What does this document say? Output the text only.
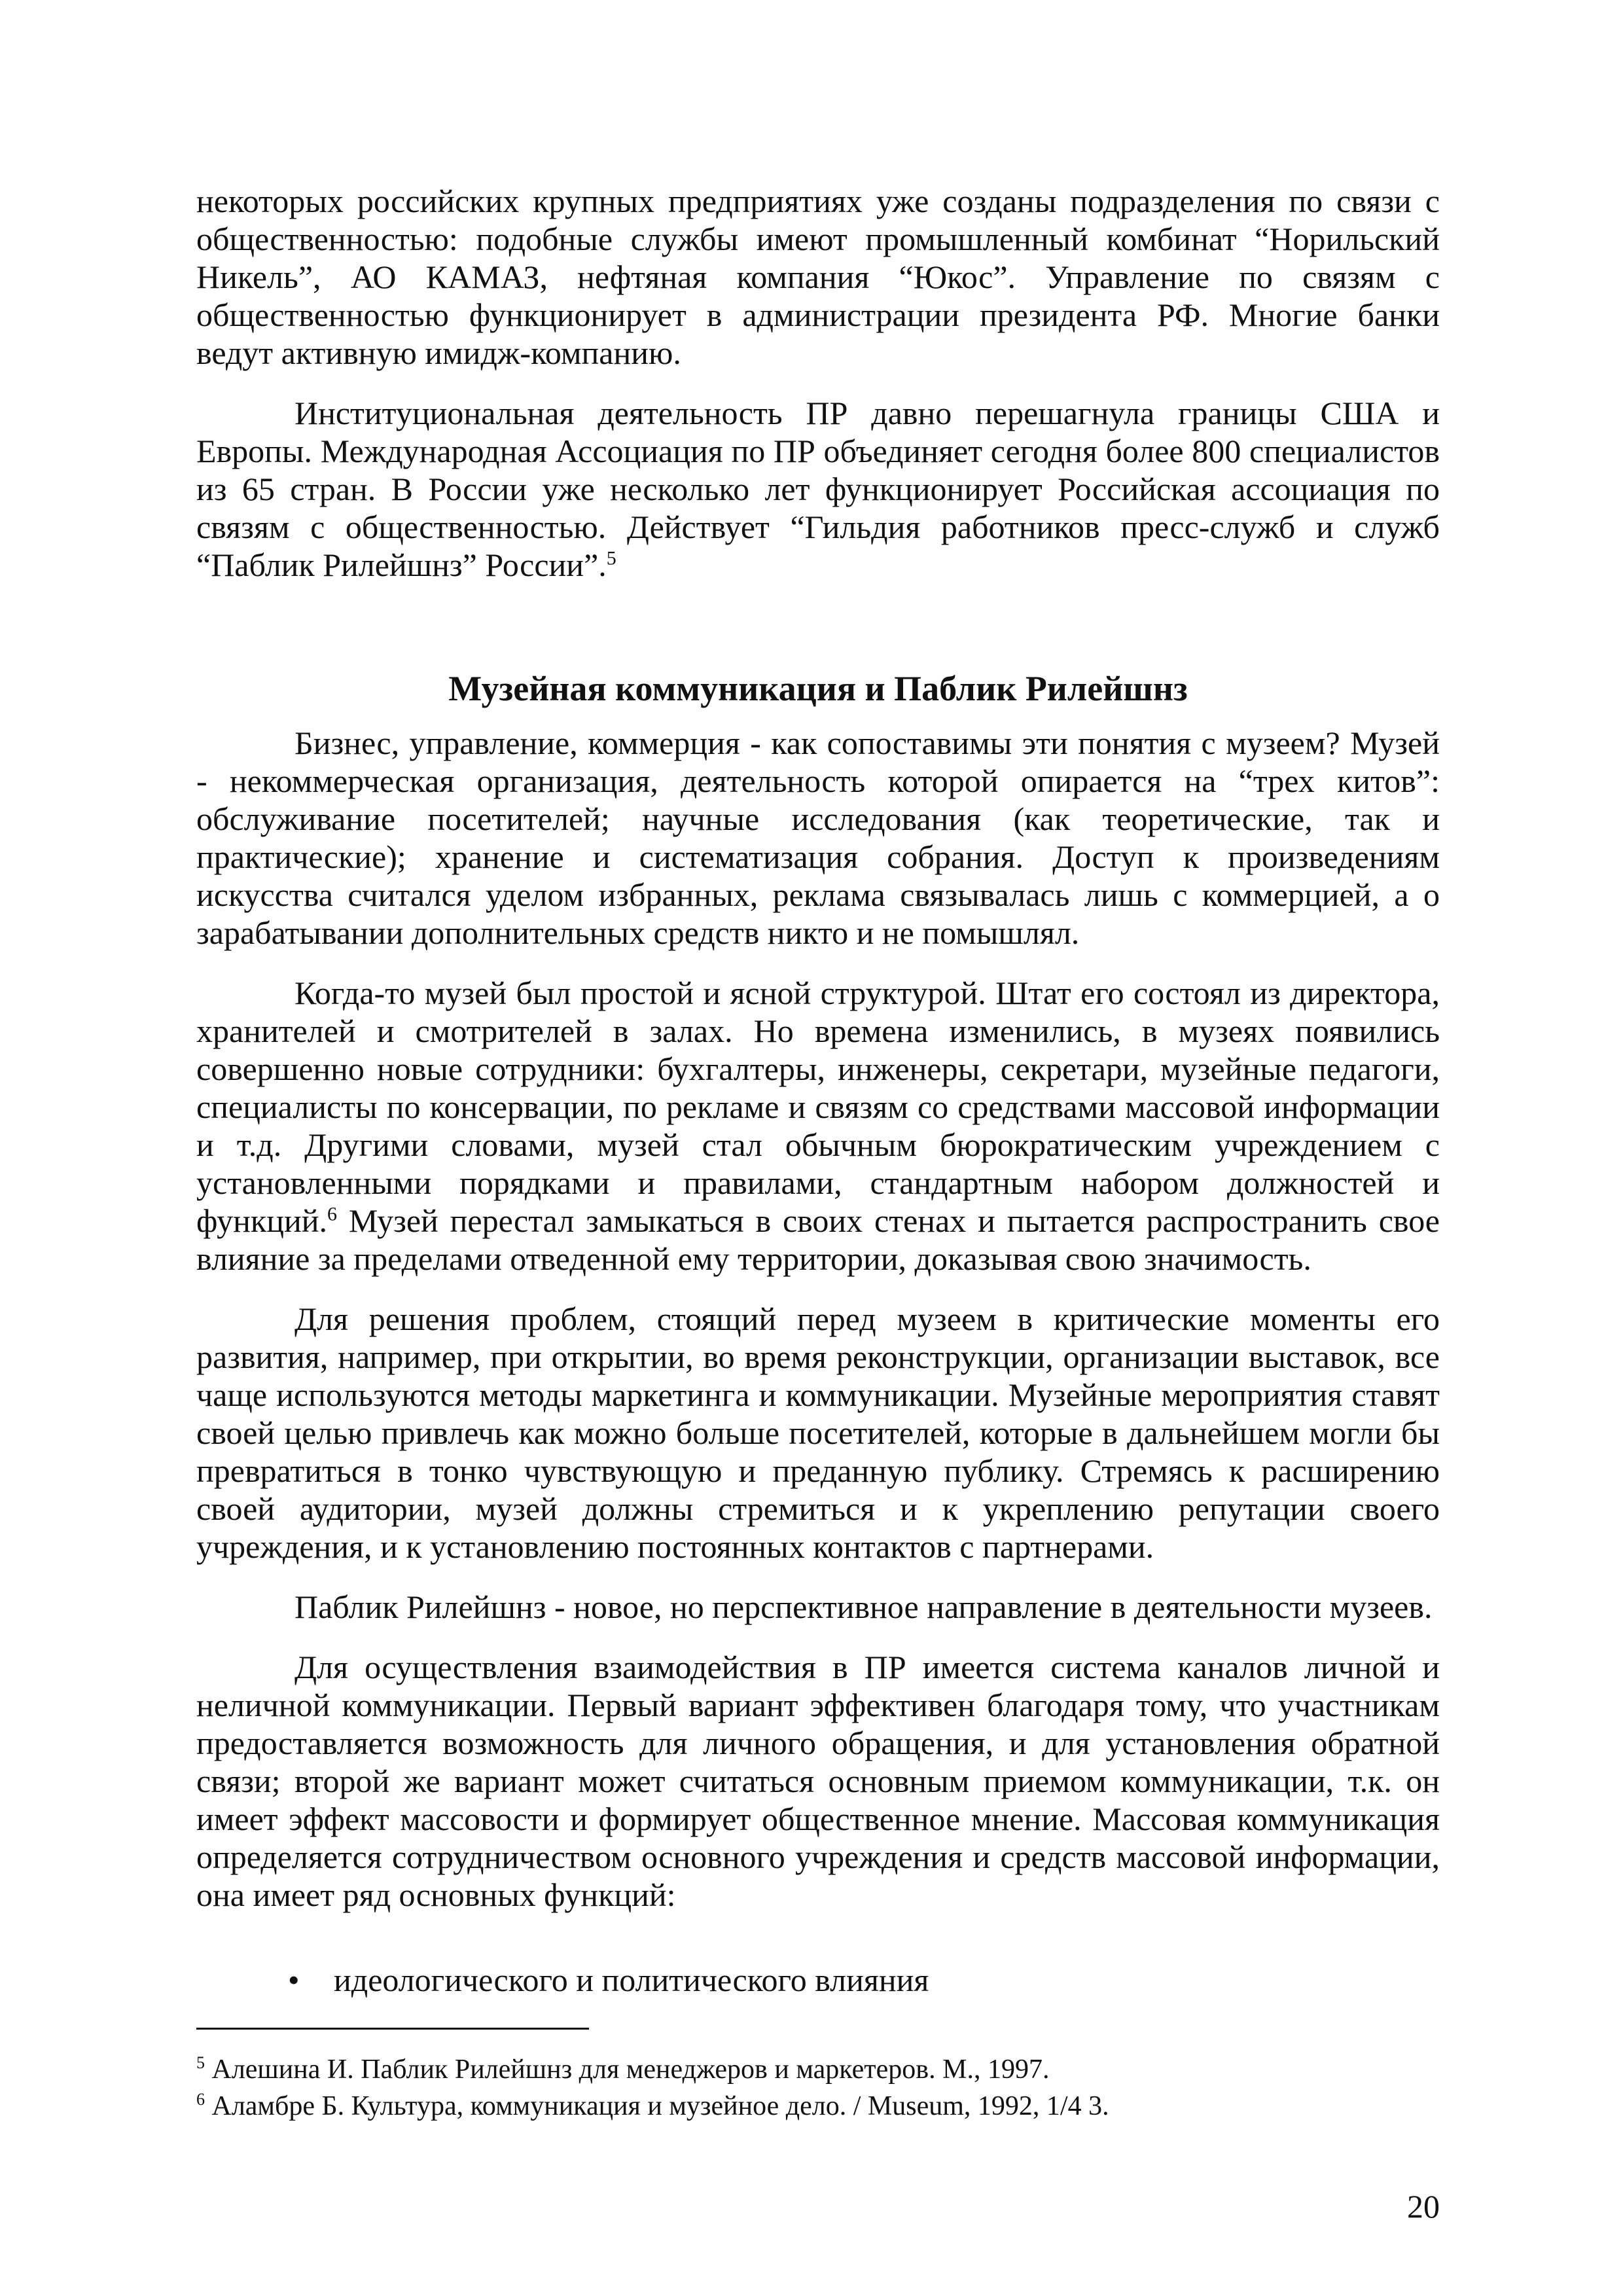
некоторых российских крупных предприятиях уже созданы подразделения по связи с общественностью: подобные службы имеют промышленный комбинат “Норильский Никель”, АО КАМАЗ, нефтяная компания “Юкос”. Управление по связям с общественностью функционирует в администрации президента РФ. Многие банки ведут активную имидж-компанию.

Институциональная деятельность ПР давно перешагнула границы США и Европы. Международная Ассоциация по ПР объединяет сегодня более 800 специалистов из 65 стран. В России уже несколько лет функционирует Российская ассоциация по связям с общественностью. Действует “Гильдия работников пресс-служб и служб “Паблик Рилейшнз” России”.$^5$

Музейная коммуникация и Паблик Рилейшнз

Бизнес, управление, коммерция - как сопоставимы эти понятия с музеем? Музей - некоммерческая организация, деятельность которой опирается на “трех китов”: обслуживание посетителей; научные исследования (как теоретические, так и практические); хранение и систематизация собрания. Доступ к произведениям искусства считался уделом избранных, реклама связывалась лишь с коммерцией, а о зарабатывании дополнительных средств никто и не помышлял.

Когда-то музей был простой и ясной структурой. Штат его состоял из директора, хранителей и смотрителей в залах. Но времена изменились, в музеях появились совершенно новые сотрудники: бухгалтеры, инженеры, секретари, музейные педагоги, специалисты по консервации, по рекламе и связям со средствами массовой информации и т.д. Другими словами, музей стал обычным бюрократическим учреждением с установленными порядками и правилами, стандартным набором должностей и функций.$^6$ Музей перестал замыкаться в своих стенах и пытается распространить свое влияние за пределами отведенной ему территории, доказывая свою значимость.

Для решения проблем, стоящий перед музеем в критические моменты его развития, например, при открытии, во время реконструкции, организации выставок, все чаще используются методы маркетинга и коммуникации. Музейные мероприятия ставят своей целью привлечь как можно больше посетителей, которые в дальнейшем могли бы превратиться в тонко чувствующую и преданную публику. Стремясь к расширению своей аудитории, музей должны стремиться и к укреплению репутации своего учреждения, и к установлению постоянных контактов с партнерами.

Паблик Рилейшнз - новое, но перспективное направление в деятельности музеев.

Для осуществления взаимодействия в ПР имеется система каналов личной и неличной коммуникации. Первый вариант эффективен благодаря тому, что участникам предоставляется возможность для личного обращения, и для установления обратной связи; второй же вариант может считаться основным приемом коммуникации, т.к. он имеет эффект массовости и формирует общественное мнение. Массовая коммуникация определяется сотрудничеством основного учреждения и средств массовой информации, она имеет ряд основных функций:

• идеологического и политического влияния

$^5$ Алешина И. Паблик Рилейшнз для менеджеров и маркетеров. М., 1997.

$^6$ Аламбре Б. Культура, коммуникация и музейное дело. / Museum, 1992, 1/4 3.

20
